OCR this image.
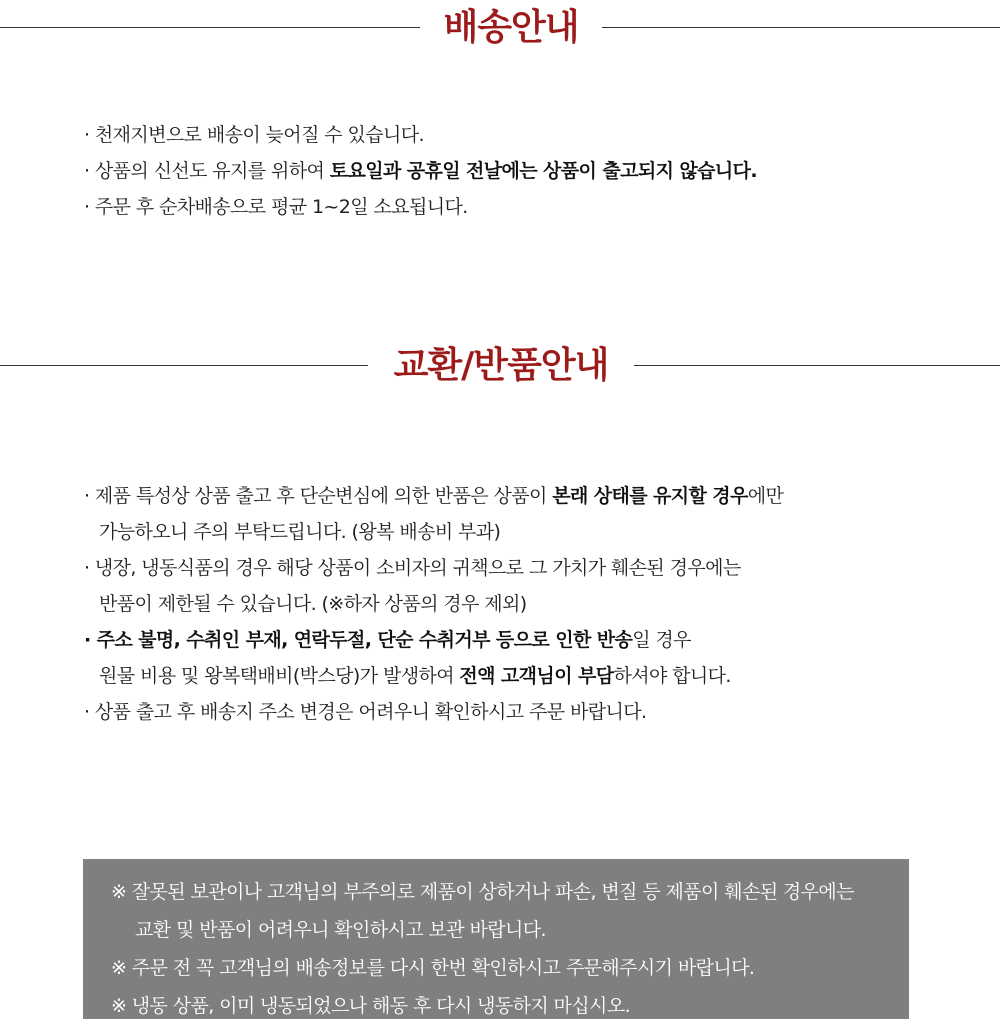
배송안내
· 천재지변으로 배송이 늦어질 수 있습니다.
· 상품의 신선도 유지를 위하여 토요일과 공휴일 전날에는 상품이 출고되지 않습니다.
· 주문 후 순차배송으로 평균 1~2일 소요됩니다.
교환/반품안내
· 제품 특성상 상품 출고 후 단순변심에 의한 반품은 상품이 본래 상태를 유지할 경우에만
가능하오니 주의 부탁드립니다. (왕복 배송비 부과)
· 냉장, 냉동식품의 경우 해당 상품이 소비자의 귀책으로 그 가치가 훼손된 경우에는
반품이 제한될 수 있습니다. (※하자 상품의 경우 제외)
· 주소 불명, 수취인 부재, 연락두절, 단순 수취거부 등으로 인한 반송일 경우
원물 비용 및 왕복택배비(박스당)가 발생하여 전액 고객님이 부담하셔야 합니다.
· 상품 출고 후 배송지 주소 변경은 어려우니 확인하시고 주문 바랍니다.
※ 잘못된 보관이나 고객님의 부주의로 제품이 상하거나 파손, 변질 등 제품이 훼손된 경우에는
교환 및 반품이 어려우니 확인하시고 보관 바랍니다.
※ 주문 전 꼭 고객님의 배송정보를 다시 한번 확인하시고 주문해주시기 바랍니다.
※ 냉동 상품, 이미 냉동되었으나 해동 후 다시 냉동하지 마십시오.
